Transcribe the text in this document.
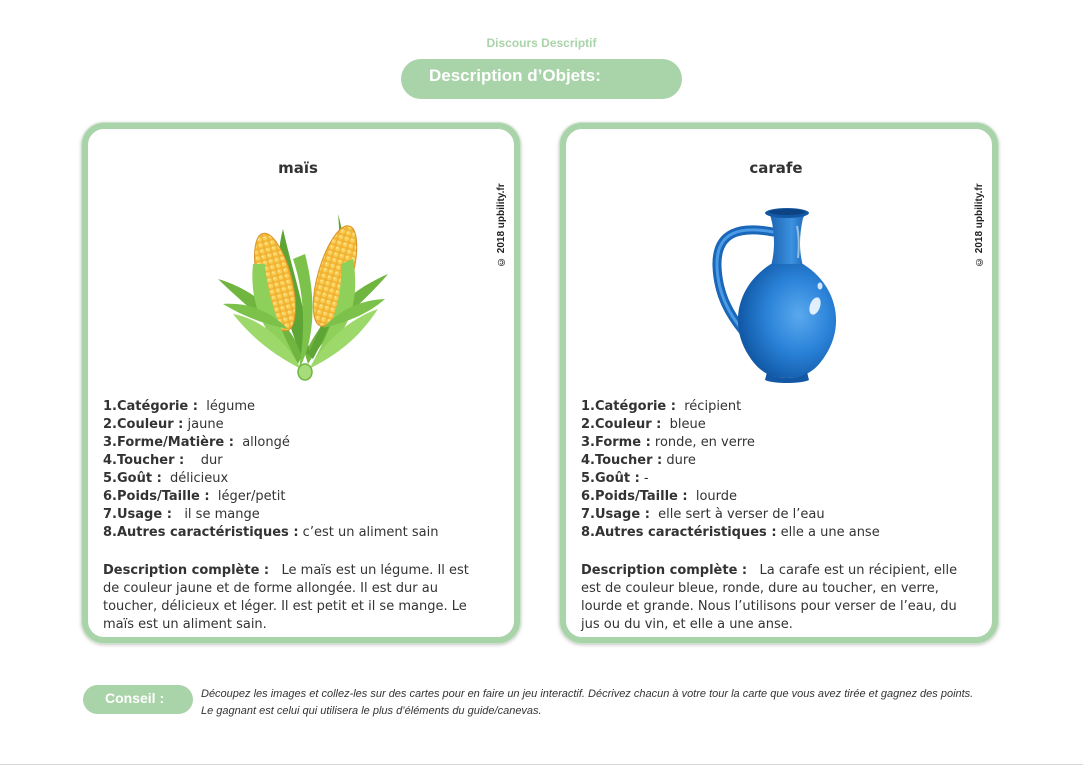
Discours Descriptif
Description d’Objets:
maïs
© 2018 upbility.fr
1.Catégorie : légume
2.Couleur : jaune
3.Forme/Matière : allongé
4.Toucher : dur
5.Goût : délicieux
6.Poids/Taille : léger/petit
7.Usage : il se mange
8.Autres caractéristiques : c’est un aliment sain
Description complète : Le maïs est un légume. Il est de couleur jaune et de forme allongée. Il est dur au toucher, délicieux et léger. Il est petit et il se mange. Le maïs est un aliment sain.
carafe
© 2018 upbility.fr
1.Catégorie : récipient
2.Couleur : bleue
3.Forme : ronde, en verre
4.Toucher : dure
5.Goût : -
6.Poids/Taille : lourde
7.Usage : elle sert à verser de l’eau
8.Autres caractéristiques : elle a une anse
Description complète : La carafe est un récipient, elle est de couleur bleue, ronde, dure au toucher, en verre, lourde et grande. Nous l’utilisons pour verser de l’eau, du jus ou du vin, et elle a une anse.
Conseil :	Découpez les images et collez-les sur des cartes pour en faire un jeu interactif. Décrivez chacun à votre tour la carte que vous avez tirée et gagnez des points. Le gagnant est celui qui utilisera le plus d’éléments du guide/canevas.
